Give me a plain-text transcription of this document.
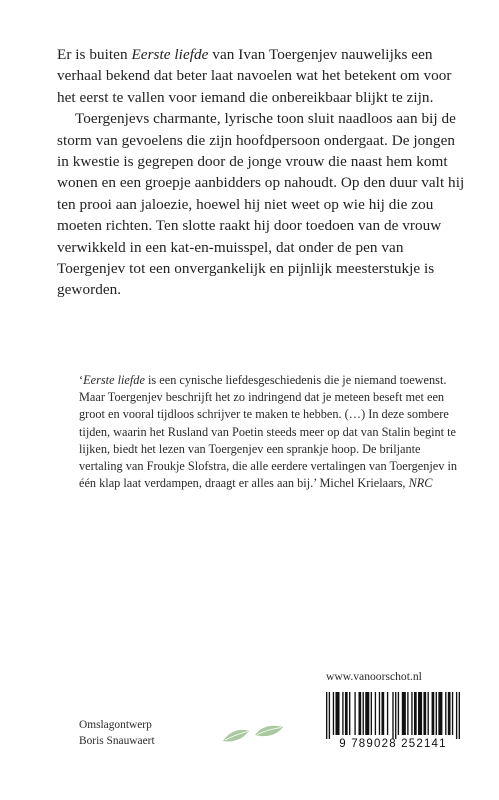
Er is buiten Eerste liefde van Ivan Toergenjev nauwelijks een verhaal bekend dat beter laat navoelen wat het betekent om voor het eerst te vallen voor iemand die onbereikbaar blijkt te zijn.

Toergenjevs charmante, lyrische toon sluit naadloos aan bij de storm van gevoelens die zijn hoofdpersoon ondergaat. De jongen in kwestie is gegrepen door de jonge vrouw die naast hem komt wonen en een groepje aanbidders op nahoudt. Op den duur valt hij ten prooi aan jaloezie, hoewel hij niet weet op wie hij die zou moeten richten. Ten slotte raakt hij door toedoen van de vrouw verwikkeld in een kat-en-muisspel, dat onder de pen van Toergenjev tot een onvergankelijk en pijnlijk meesterstukje is geworden.

‘Eerste liefde is een cynische liefdesgeschiedenis die je niemand toewenst. Maar Toergenjev beschrijft het zo indringend dat je meteen beseft met een groot en vooral tijdloos schrijver te maken te hebben. (…) In deze sombere tijden, waarin het Rusland van Poetin steeds meer op dat van Stalin begint te lijken, biedt het lezen van Toergenjev een sprankje hoop. De briljante vertaling van Froukje Slofstra, die alle eerdere vertalingen van Toergenjev in één klap laat verdampen, draagt er alles aan bij.’ Michel Krielaars, NRC

Omslagontwerp
Boris Snauwaert
www.vanoorschot.nl
9 789028 252141
